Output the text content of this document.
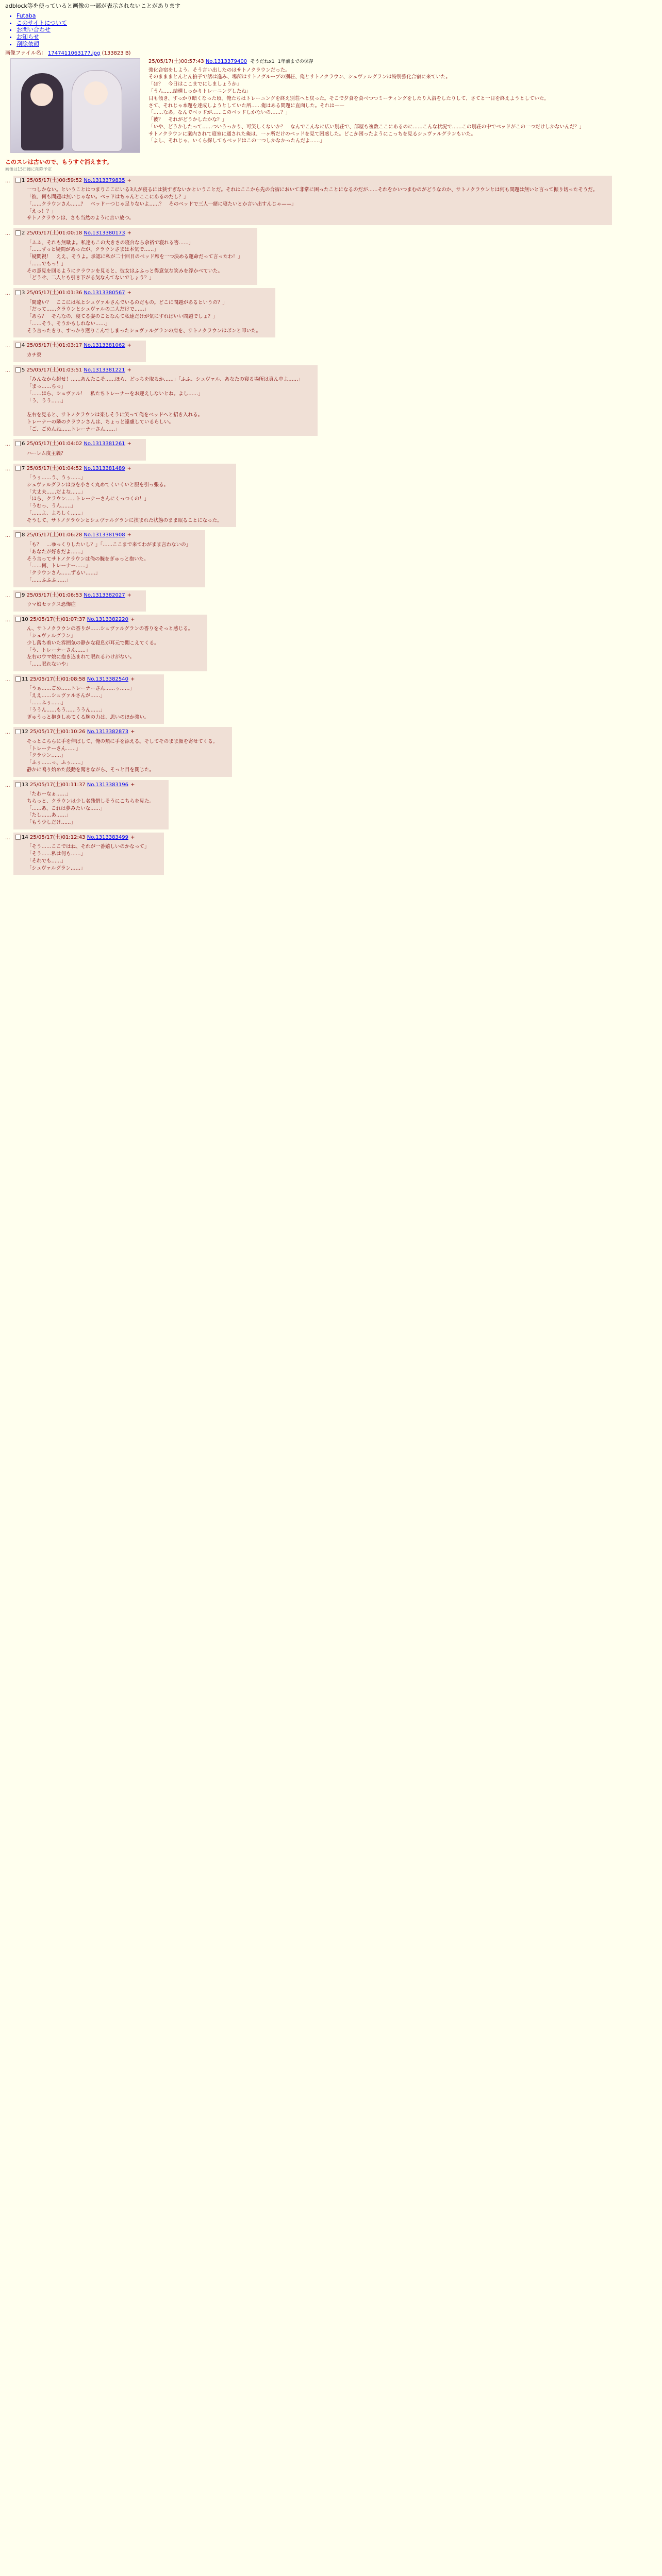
adblock等を使っていると画像の一部が表示されないことがあります
• Futaba
• このサイトについて
• お問い合わせ
• お知らせ
• 削除依頼
画像ファイル名： 1747411063177.jpg (133823 B)
25/05/17(土)00:57:43 No.1313379400 そうだねx1 1年前までの保存
強化合宿をしよう。そう言い出したのはサトノクラウンだった。
そのまままとんとん拍子で話は進み、場所はサトノグループの別荘、俺とサトノクラウン、シュヴァルグランは特別強化合宿に来ていた。
「ほ？　今日はここまでにしましょうか」
「うん……結構しっかりトレーニングしたね」
日も傾き、すっかり暗くなった頃。俺たちはトレーニングを終え別荘へと戻った。そこで夕食を食べつつミーティングをしたり入浴をしたりして、さてと一日を終えようとしていた。
さて、それじゃ本題を達成しようとしていた所……俺はある問題に直面した。それは——
「……なあ。なんでベッドが……このベッドしかないの……？」
「彼？　それがどうかしたかな？」
「いや、どうかしたって……ついうっかり、可笑しくないか？　なんでこんなに広い別荘で、部屋も複数ここにあるのに……こんな状況で……この別荘の中でベッドがこの一つだけしかないんだ？」
サトノクラウンに案内されて寝室に通された俺は、一ヶ所だけのベッドを見て困惑した。どこか困ったようにこっちを見るシュヴァルグランもいた。
「よし、それじゃ、いくら探してもベッドはこの一つしかなかったんだよ……」
このスレは古いので、もうすぐ消えます。
画像は15日後に削除予定
…	1 25/05/17(土)00:59:52 No.1313379835 +
一つしかない。ということはつまりここにいる3人が寝るには狭すぎないかということだ。それはここから先の合宿において非常に困ったことになるのだが……それをかいつまむのがどうなのか、サトノクラウンとは何も問題は無いと言って振り切ったそうだ。
「彼、何も問題は無いじゃない。ベッドはちゃんとここにあるのだし？」
「……クラウンさん……？　ベッドーつじゃ足りないよ……？　そのベッドで三人一緒に寝たいとか言い出すんじゃ——」
「えっ！？」
サトノクラウンは、さも当然のように言い放つ。
…	2 25/05/17(土)01:00:18 No.1313380173 +
「ふふ、それも無駄よ。私達もこの大きさの寝台なら余裕で寝れる筈……」
「……ずっと疑問があったが、クラウンさまは本気で……」
「疑問視！　ええ、そうよ。承認に私が二十回目のベッド席を一つ決める運命だって言ったわ！」
「……でもっ！」
その意見を回るようにクラウンを見ると、彼女はふふっと得意気な笑みを浮かべていた。
「どうせ、二人とも引き下がる気なんてないでしょう？」
…	3 25/05/17(土)01:01:36 No.1313380567 +
「間違い？　ここには私とシュヴァルさんでいるのだもの。どこに問題があるというの？」
「だって……クラウンとシュヴァルの二人だけで……」
「あら？　そんなの、寝てる姿のことなんて私達だけが気にすればいい問題でしょ？」
「……そう、そうかもしれない……」
そう言ったきり、すっかり黙りこんでしまったシュヴァルグランの肩を、サトノクラウンはポンと叩いた。
…	4 25/05/17(土)01:03:17 No.1313381062 +
カチ寮
…	5 25/05/17(土)01:03:51 No.1313381221 +
「みんなから起せ！……あんたこそ……ほら、どっちを取るか……」「ふふ、シュヴァル、あなたの寝る場所は真ん中よ……」
「まっ……ちっ」
「……ほら、シュヴァル！　私たちトレーナーをお迎えしないとね。よし……」
「う、うう……」

左右を見ると、サトノクラウンは楽しそうに笑って俺をベッドへと招き入れる。
トレーナーの隣のクラウンさんは、ちょっと遠慮しているらしい。
「ご、ごめんね……トレーナーさん……」
…	6 25/05/17(土)01:04:02 No.1313381261 +
ハーレム度主義？
…	7 25/05/17(土)01:04:52 No.1313381489 +
「うぅ……う、うぅ……」
シュヴァルグランは身を小さく丸めてくいくいと服を引っ張る。
「大丈夫……だよな……」
「ほら、クラウン……トレーナーさんにくっつくの！」
「うむっ、うん……」
「……よ、よろしく……」
そうして、サトノクラウンとシュヴァルグランに挟まれた状態のまま眠ることになった。
…	8 25/05/17(土)01:06:28 No.1313381908 +
「も？　…ゆっくりしたいし？」「……ここまで来てわがまま言わないの」
「あなたが好きだよ……」
そう言ってサトノクラウンは俺の腕をぎゅっと抱いた。
「……何、トレーナー……」
「クラウンさん……ずるい……」
「……ふふふ……」
…	9 25/05/17(土)01:06:53 No.1313382027 +
ウマ娘セックス恐怖症
…	10 25/05/17(土)01:07:37 No.1313382220 +
ん、サトノクラウンの香りが……シュヴァルグランの香りをそっと感じる。
「シュヴァルグラン」
少し落ち着いた雰囲気の静かな寝息が耳元で聞こえてくる。
「う、トレーナーさん……」
左右のウマ娘に抱き込まれて眠れるわけがない。
「……眠れないや」
…	11 25/05/17(土)01:08:58 No.1313382540 +
「うぁ……ごめ……トレーナーさん……ぅ……」
「ええ……シュヴァルさんが……」
「……ふぅ……」
「ううん……もう……ううん……」
ぎゅうっと抱きしめてくる腕の力は、思いのほか強い。
…	12 25/05/17(土)01:10:26 No.1313382873 +
そっとこちらに手を伸ばして、俺の頬に手を添える。そしてそのまま顔を寄せてくる。
「トレーナーさん……」
「クラウン……」
「ふぅ……っ、ふぅ……」
静かに鳴り始めた鼓動を聞きながら、そっと目を閉じた。
…	13 25/05/17(土)01:11:37 No.1313383196 +
「たわーなぁ……」
ちらっと、クラウンは少し名残惜しそうにこちらを見た。
「……あ、これは夢みたいな……」
「たし……あ……」
「もう少しだけ……」
…	14 25/05/17(土)01:12:43 No.1313383499 +
「そう……ここではね、それが一番嬉しいのかなって」
「そう……私は何も……」
「それでも……」
「シュヴァルグラン……」
